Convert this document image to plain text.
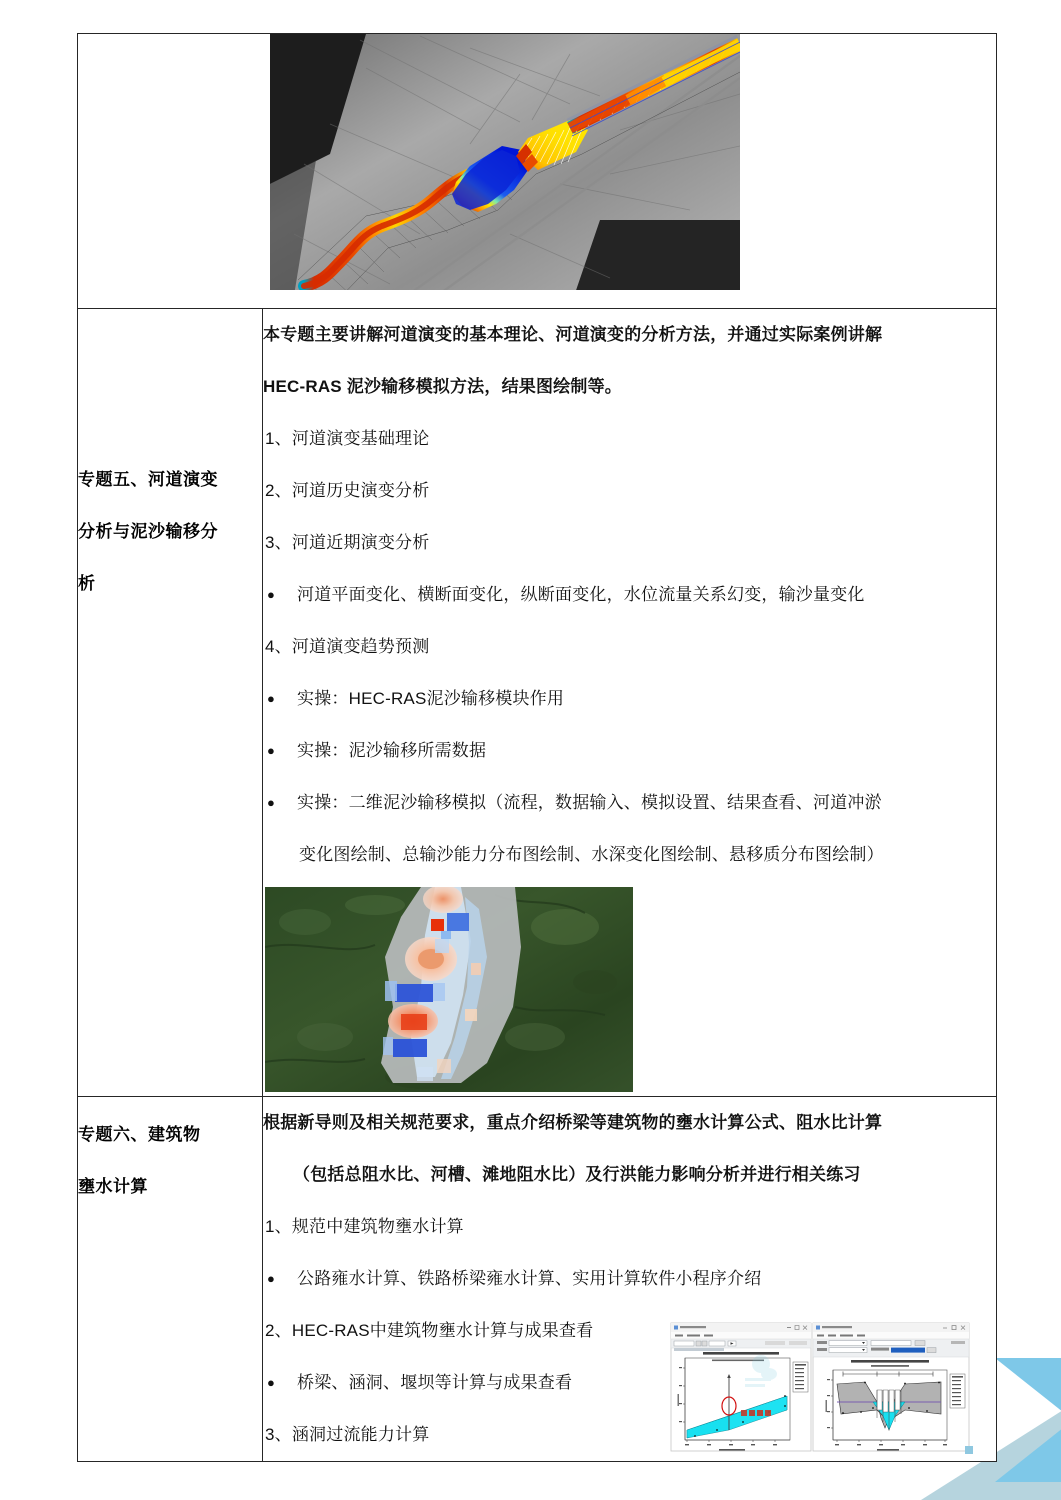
专题五、河道演变
分析与泥沙输移分
析

本专题主要讲解河道演变的基本理论、河道演变的分析方法，并通过实际案例讲解

HEC-RAS 泥沙输移模拟方法，结果图绘制等。

1、河道演变基础理论

2、河道历史演变分析

3、河道近期演变分析

● 河道平面变化、横断面变化，纵断面变化，水位流量关系幻变，输沙量变化

4、河道演变趋势预测

● 实操：HEC-RAS泥沙输移模块作用

● 实操：泥沙输移所需数据

● 实操：二维泥沙输移模拟（流程，数据输入、模拟设置、结果查看、河道冲淤

变化图绘制、总输沙能力分布图绘制、水深变化图绘制、悬移质分布图绘制）

专题六、建筑物
壅水计算

根据新导则及相关规范要求，重点介绍桥梁等建筑物的壅水计算公式、阻水比计算

（包括总阻水比、河槽、滩地阻水比）及行洪能力影响分析并进行相关练习

1、规范中建筑物壅水计算

● 公路雍水计算、铁路桥梁雍水计算、实用计算软件小程序介绍

2、HEC-RAS中建筑物壅水计算与成果查看

● 桥梁、涵洞、堰坝等计算与成果查看

3、涵洞过流能力计算
